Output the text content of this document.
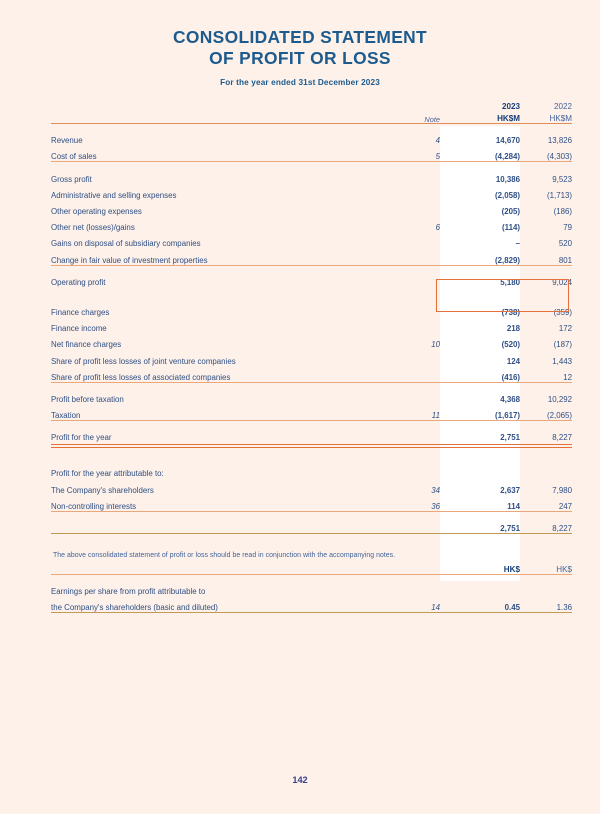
CONSOLIDATED STATEMENT
OF PROFIT OR LOSS
For the year ended 31st December 2023
		2023	2022
	Note	HK$M	HK$M

Revenue	4	14,670	13,826
Cost of sales	5	(4,284)	(4,303)

Gross profit		10,386	9,523
Administrative and selling expenses		(2,058)	(1,713)
Other operating expenses		(205)	(186)
Other net (losses)/gains	6	(114)	79
Gains on disposal of subsidiary companies		–	520
Change in fair value of investment properties		(2,829)	801

Operating profit		5,180	9,024

Finance charges		(738)	(359)
Finance income		218	172
Net finance charges	10	(520)	(187)
Share of profit less losses of joint venture companies		124	1,443
Share of profit less losses of associated companies		(416)	12

Profit before taxation		4,368	10,292
Taxation	11	(1,617)	(2,065)

Profit for the year		2,751	8,227

Profit for the year attributable to:			
The Company's shareholders	34	2,637	7,980
Non-controlling interests	36	114	247

		2,751	8,227

		HK$	HK$

Earnings per share from profit attributable to			
the Company's shareholders (basic and diluted)	14	0.45	1.36
The above consolidated statement of profit or loss should be read in conjunction with the accompanying notes.
142
